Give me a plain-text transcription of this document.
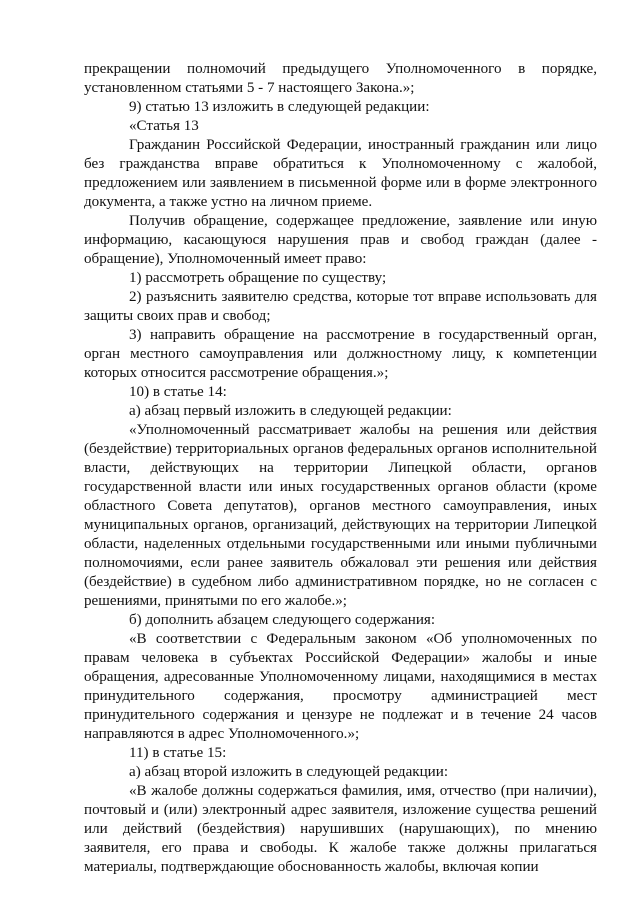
прекращении полномочий предыдущего Уполномоченного в порядке, установленном статьями 5 - 7 настоящего Закона.»;

9) статью 13 изложить в следующей редакции:

«Статья 13

Гражданин Российской Федерации, иностранный гражданин или лицо без гражданства вправе обратиться к Уполномоченному с жалобой, предложением или заявлением в письменной форме или в форме электронного документа, а также устно на личном приеме.

Получив обращение, содержащее предложение, заявление или иную информацию, касающуюся нарушения прав и свобод граждан (далее - обращение), Уполномоченный имеет право:

1) рассмотреть обращение по существу;

2) разъяснить заявителю средства, которые тот вправе использовать для защиты своих прав и свобод;

3) направить обращение на рассмотрение в государственный орган, орган местного самоуправления или должностному лицу, к компетенции которых относится рассмотрение обращения.»;

10) в статье 14:

а) абзац первый изложить в следующей редакции:

«Уполномоченный рассматривает жалобы на решения или действия (бездействие) территориальных органов федеральных органов исполнительной власти, действующих на территории Липецкой области, органов государственной власти или иных государственных органов области (кроме областного Совета депутатов), органов местного самоуправления, иных муниципальных органов, организаций, действующих на территории Липецкой области, наделенных отдельными государственными или иными публичными полномочиями, если ранее заявитель обжаловал эти решения или действия (бездействие) в судебном либо административном порядке, но не согласен с решениями, принятыми по его жалобе.»;

б) дополнить абзацем следующего содержания:

«В соответствии с Федеральным законом «Об уполномоченных по правам человека в субъектах Российской Федерации» жалобы и иные обращения, адресованные Уполномоченному лицами, находящимися в местах принудительного содержания, просмотру администрацией мест принудительного содержания и цензуре не подлежат и в течение 24 часов направляются в адрес Уполномоченного.»;

11) в статье 15:

а) абзац второй изложить в следующей редакции:

«В жалобе должны содержаться фамилия, имя, отчество (при наличии), почтовый и (или) электронный адрес заявителя, изложение существа решений или действий (бездействия) нарушивших (нарушающих), по мнению заявителя, его права и свободы. К жалобе также должны прилагаться материалы, подтверждающие обоснованность жалобы, включая копии
